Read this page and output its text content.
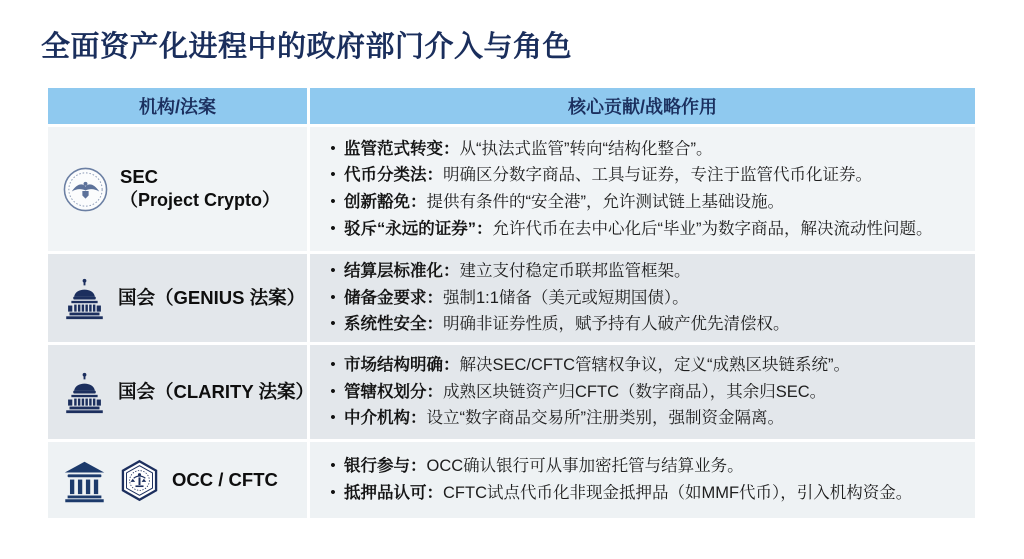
全面资产化进程中的政府部门介入与角色
机构/法案	核心贡献/战略作用
SEC
（Project Crypto）
• 监管范式转变：从“执法式监管”转向“结构化整合”。
• 代币分类法：明确区分数字商品、工具与证券，专注于监管代币化证券。
• 创新豁免：提供有条件的“安全港”，允许测试链上基础设施。
• 驳斥“永远的证券”：允许代币在去中心化后“毕业”为数字商品，解决流动性问题。
国会（GENIUS 法案）
• 结算层标准化：建立支付稳定币联邦监管框架。
• 储备金要求：强制1:1储备（美元或短期国债）。
• 系统性安全：明确非证券性质，赋予持有人破产优先清偿权。
国会（CLARITY 法案）
• 市场结构明确：解决SEC/CFTC管辖权争议，定义“成熟区块链系统”。
• 管辖权划分：成熟区块链资产归CFTC（数字商品），其余归SEC。
• 中介机构：设立“数字商品交易所”注册类别，强制资金隔离。
OCC / CFTC
• 银行参与：OCC确认银行可从事加密托管与结算业务。
• 抵押品认可：CFTC试点代币化非现金抵押品（如MMF代币），引入机构资金。
